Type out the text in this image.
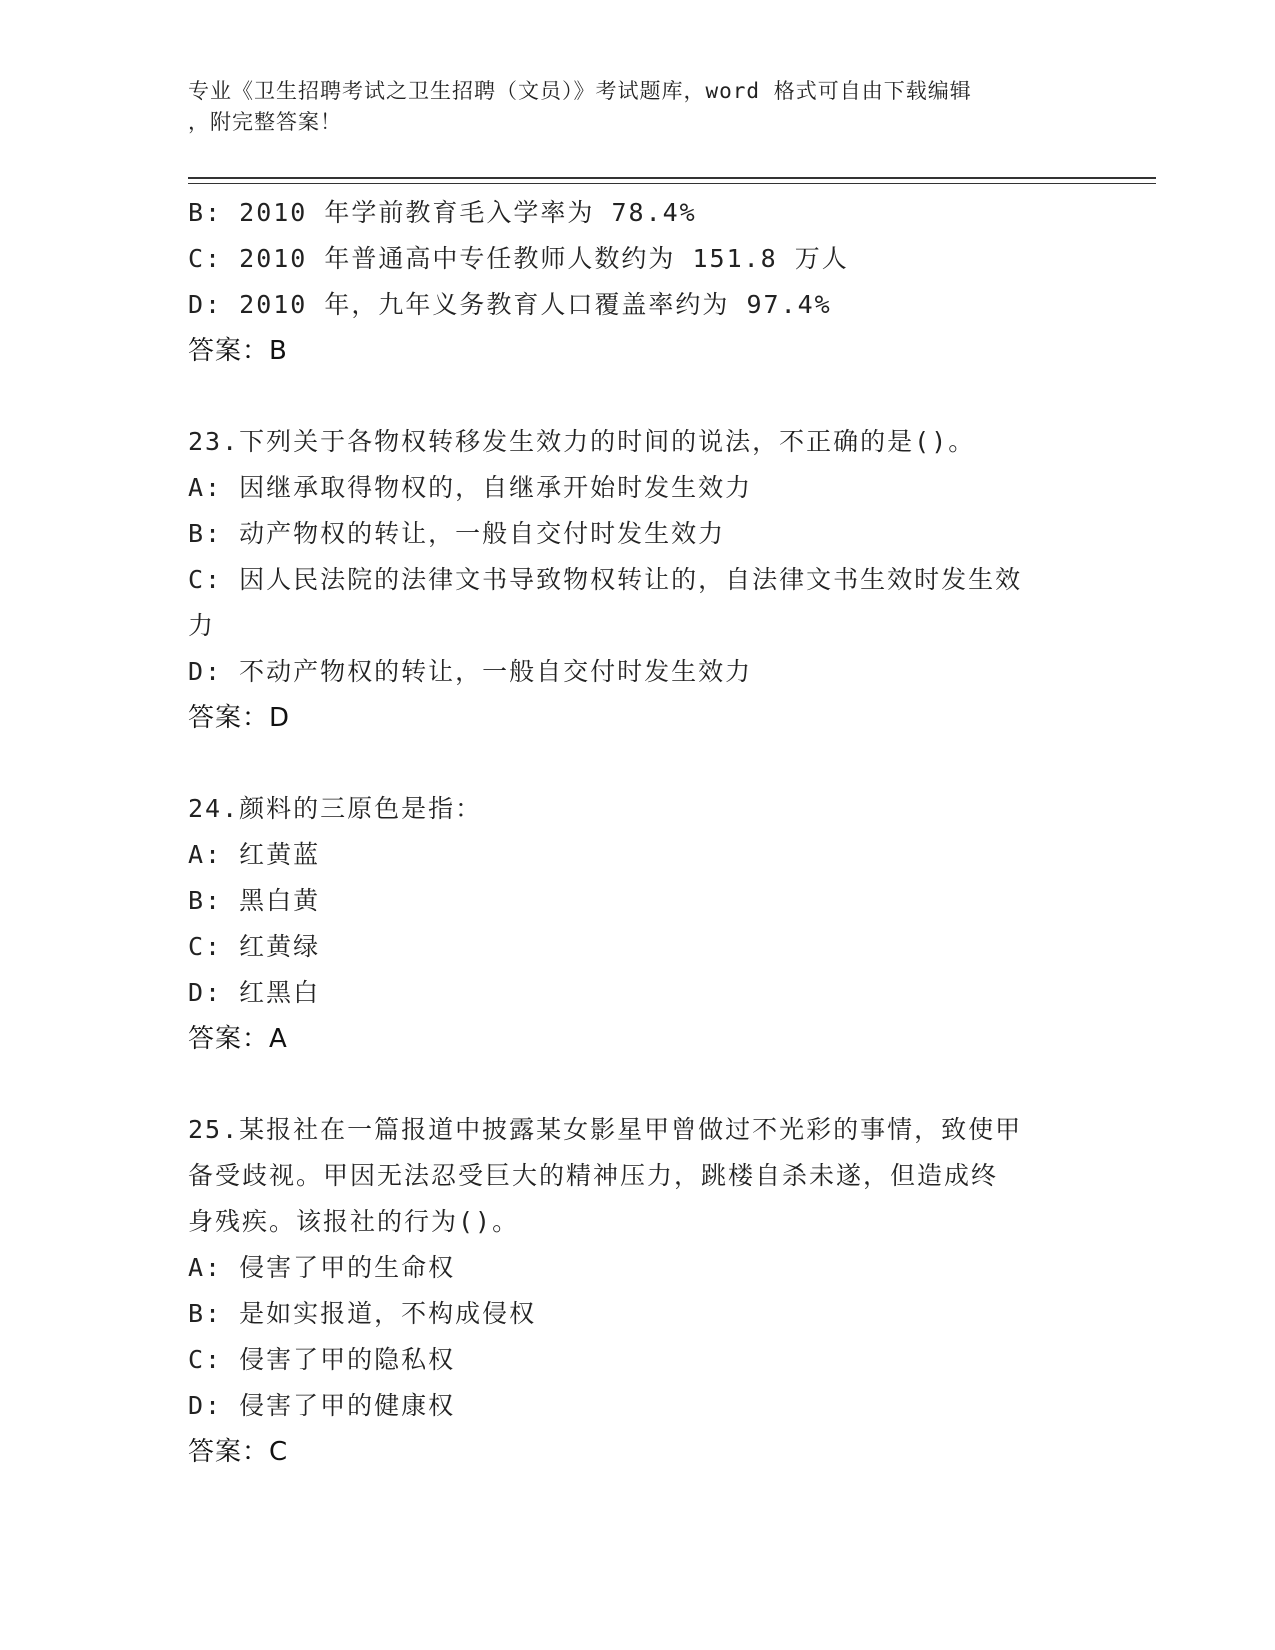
专业《卫生招聘考试之卫生招聘（文员）》考试题库，word 格式可自由下载编辑
，附完整答案！
B: 2010 年学前教育毛入学率为 78.4%
C: 2010 年普通高中专任教师人数约为 151.8 万人
D: 2010 年，九年义务教育人口覆盖率约为 97.4%
答案：B
23.下列关于各物权转移发生效力的时间的说法，不正确的是()。
A: 因继承取得物权的，自继承开始时发生效力
B: 动产物权的转让，一般自交付时发生效力
C: 因人民法院的法律文书导致物权转让的，自法律文书生效时发生效
力
D: 不动产物权的转让，一般自交付时发生效力
答案：D
24.颜料的三原色是指：
A: 红黄蓝
B: 黑白黄
C: 红黄绿
D: 红黑白
答案：A
25.某报社在一篇报道中披露某女影星甲曾做过不光彩的事情，致使甲
备受歧视。甲因无法忍受巨大的精神压力，跳楼自杀未遂，但造成终
身残疾。该报社的行为()。
A: 侵害了甲的生命权
B: 是如实报道，不构成侵权
C: 侵害了甲的隐私权
D: 侵害了甲的健康权
答案：C
